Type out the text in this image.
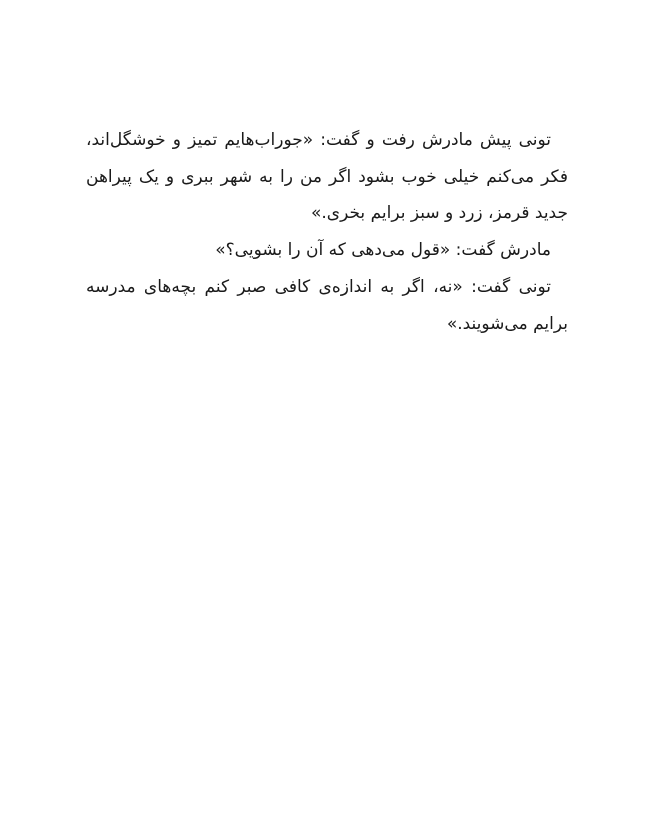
تونی پیش مادرش رفت و گفت: «جوراب‌هایم تمیز و خوشگل‌اند، فکر می‌کنم خیلی خوب بشود اگر من را به شهر ببری و یک پیراهن جدید قرمز، زرد و سبز برایم بخری.»

مادرش گفت: «قول می‌دهی که آن را بشویی؟»

تونی گفت: «نه، اگر به اندازه‌ی کافی صبر کنم بچه‌های مدرسه برایم می‌شویند.»
